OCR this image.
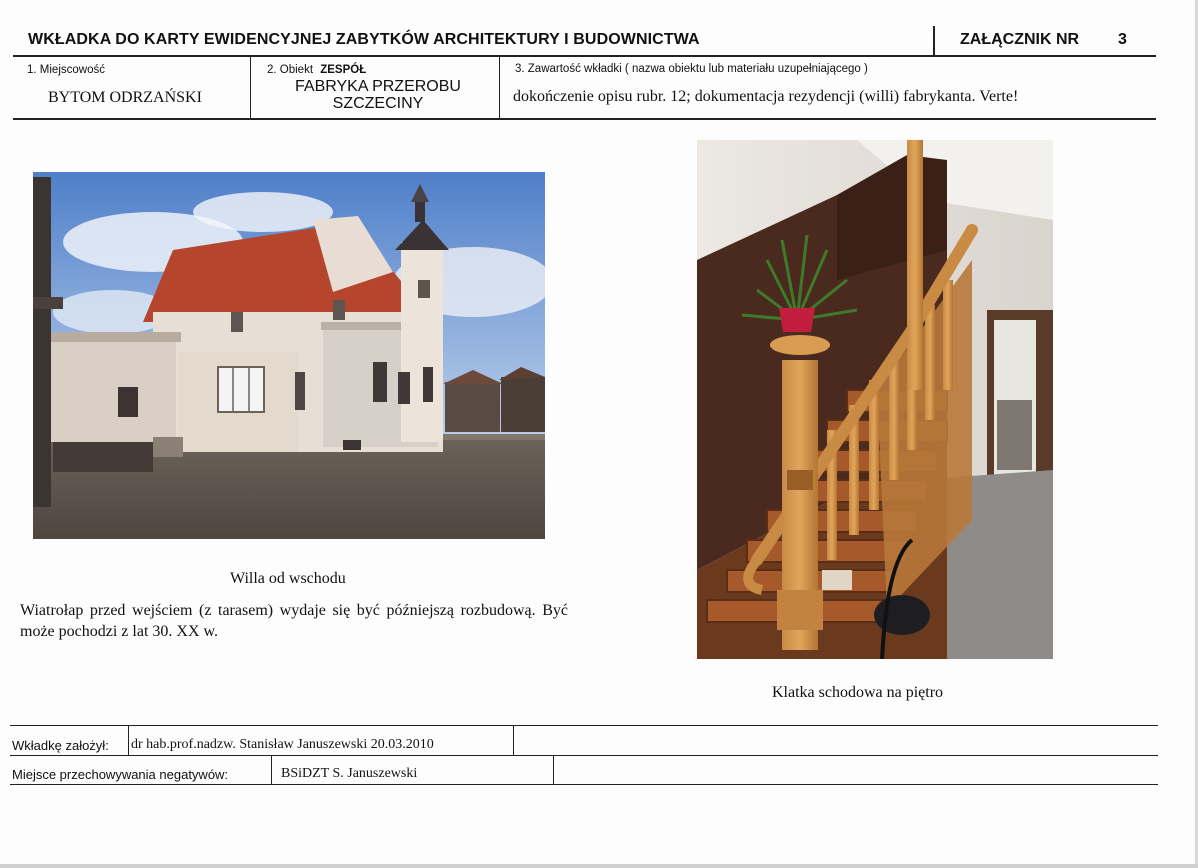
WKŁADKA DO KARTY EWIDENCYJNEJ ZABYTKÓW ARCHITEKTURY I BUDOWNICTWA	ZAŁĄCZNIK NR 3
1. Miejscowość
BYTOM ODRZAŃSKI
2. Obiekt ZESPÓŁ
FABRYKA PRZEROBU SZCZECINY
3. Zawartość wkładki ( nazwa obiektu lub materiału uzupełniającego )
dokończenie opisu rubr. 12; dokumentacja rezydencji (willi) fabrykanta. Verte!
Willa od wschodu
Wiatrołap przed wejściem (z tarasem) wydaje się być późniejszą rozbudową. Być może pochodzi z lat 30. XX w.
Klatka schodowa na piętro
Wkładkę założył: dr hab.prof.nadzw. Stanisław Januszewski 20.03.2010
Miejsce przechowywania negatywów:	BSiDZT S. Januszewski
